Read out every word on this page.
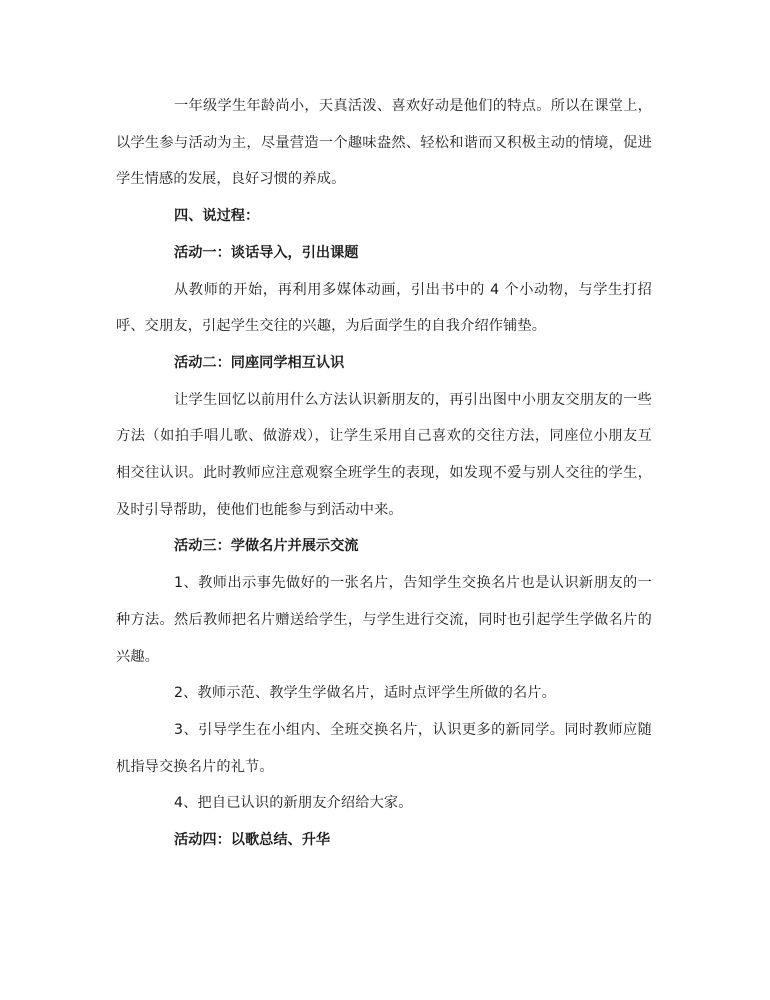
一年级学生年龄尚小，天真活泼、喜欢好动是他们的特点。所以在课堂上，以学生参与活动为主，尽量营造一个趣味盎然、轻松和谐而又积极主动的情境，促进学生情感的发展，良好习惯的养成。

四、说过程：

活动一：谈话导入，引出课题

从教师的开始，再利用多媒体动画，引出书中的 4 个小动物，与学生打招呼、交朋友，引起学生交往的兴趣，为后面学生的自我介绍作铺垫。

活动二：同座同学相互认识

让学生回忆以前用什么方法认识新朋友的，再引出图中小朋友交朋友的一些方法（如拍手唱儿歌、做游戏），让学生采用自己喜欢的交往方法，同座位小朋友互相交往认识。此时教师应注意观察全班学生的表现，如发现不爱与别人交往的学生，及时引导帮助，使他们也能参与到活动中来。

活动三：学做名片并展示交流

1、教师出示事先做好的一张名片，告知学生交换名片也是认识新朋友的一种方法。然后教师把名片赠送给学生，与学生进行交流，同时也引起学生学做名片的兴趣。

2、教师示范、教学生学做名片，适时点评学生所做的名片。

3、引导学生在小组内、全班交换名片，认识更多的新同学。同时教师应随机指导交换名片的礼节。

4、把自已认识的新朋友介绍给大家。

活动四：以歌总结、升华
